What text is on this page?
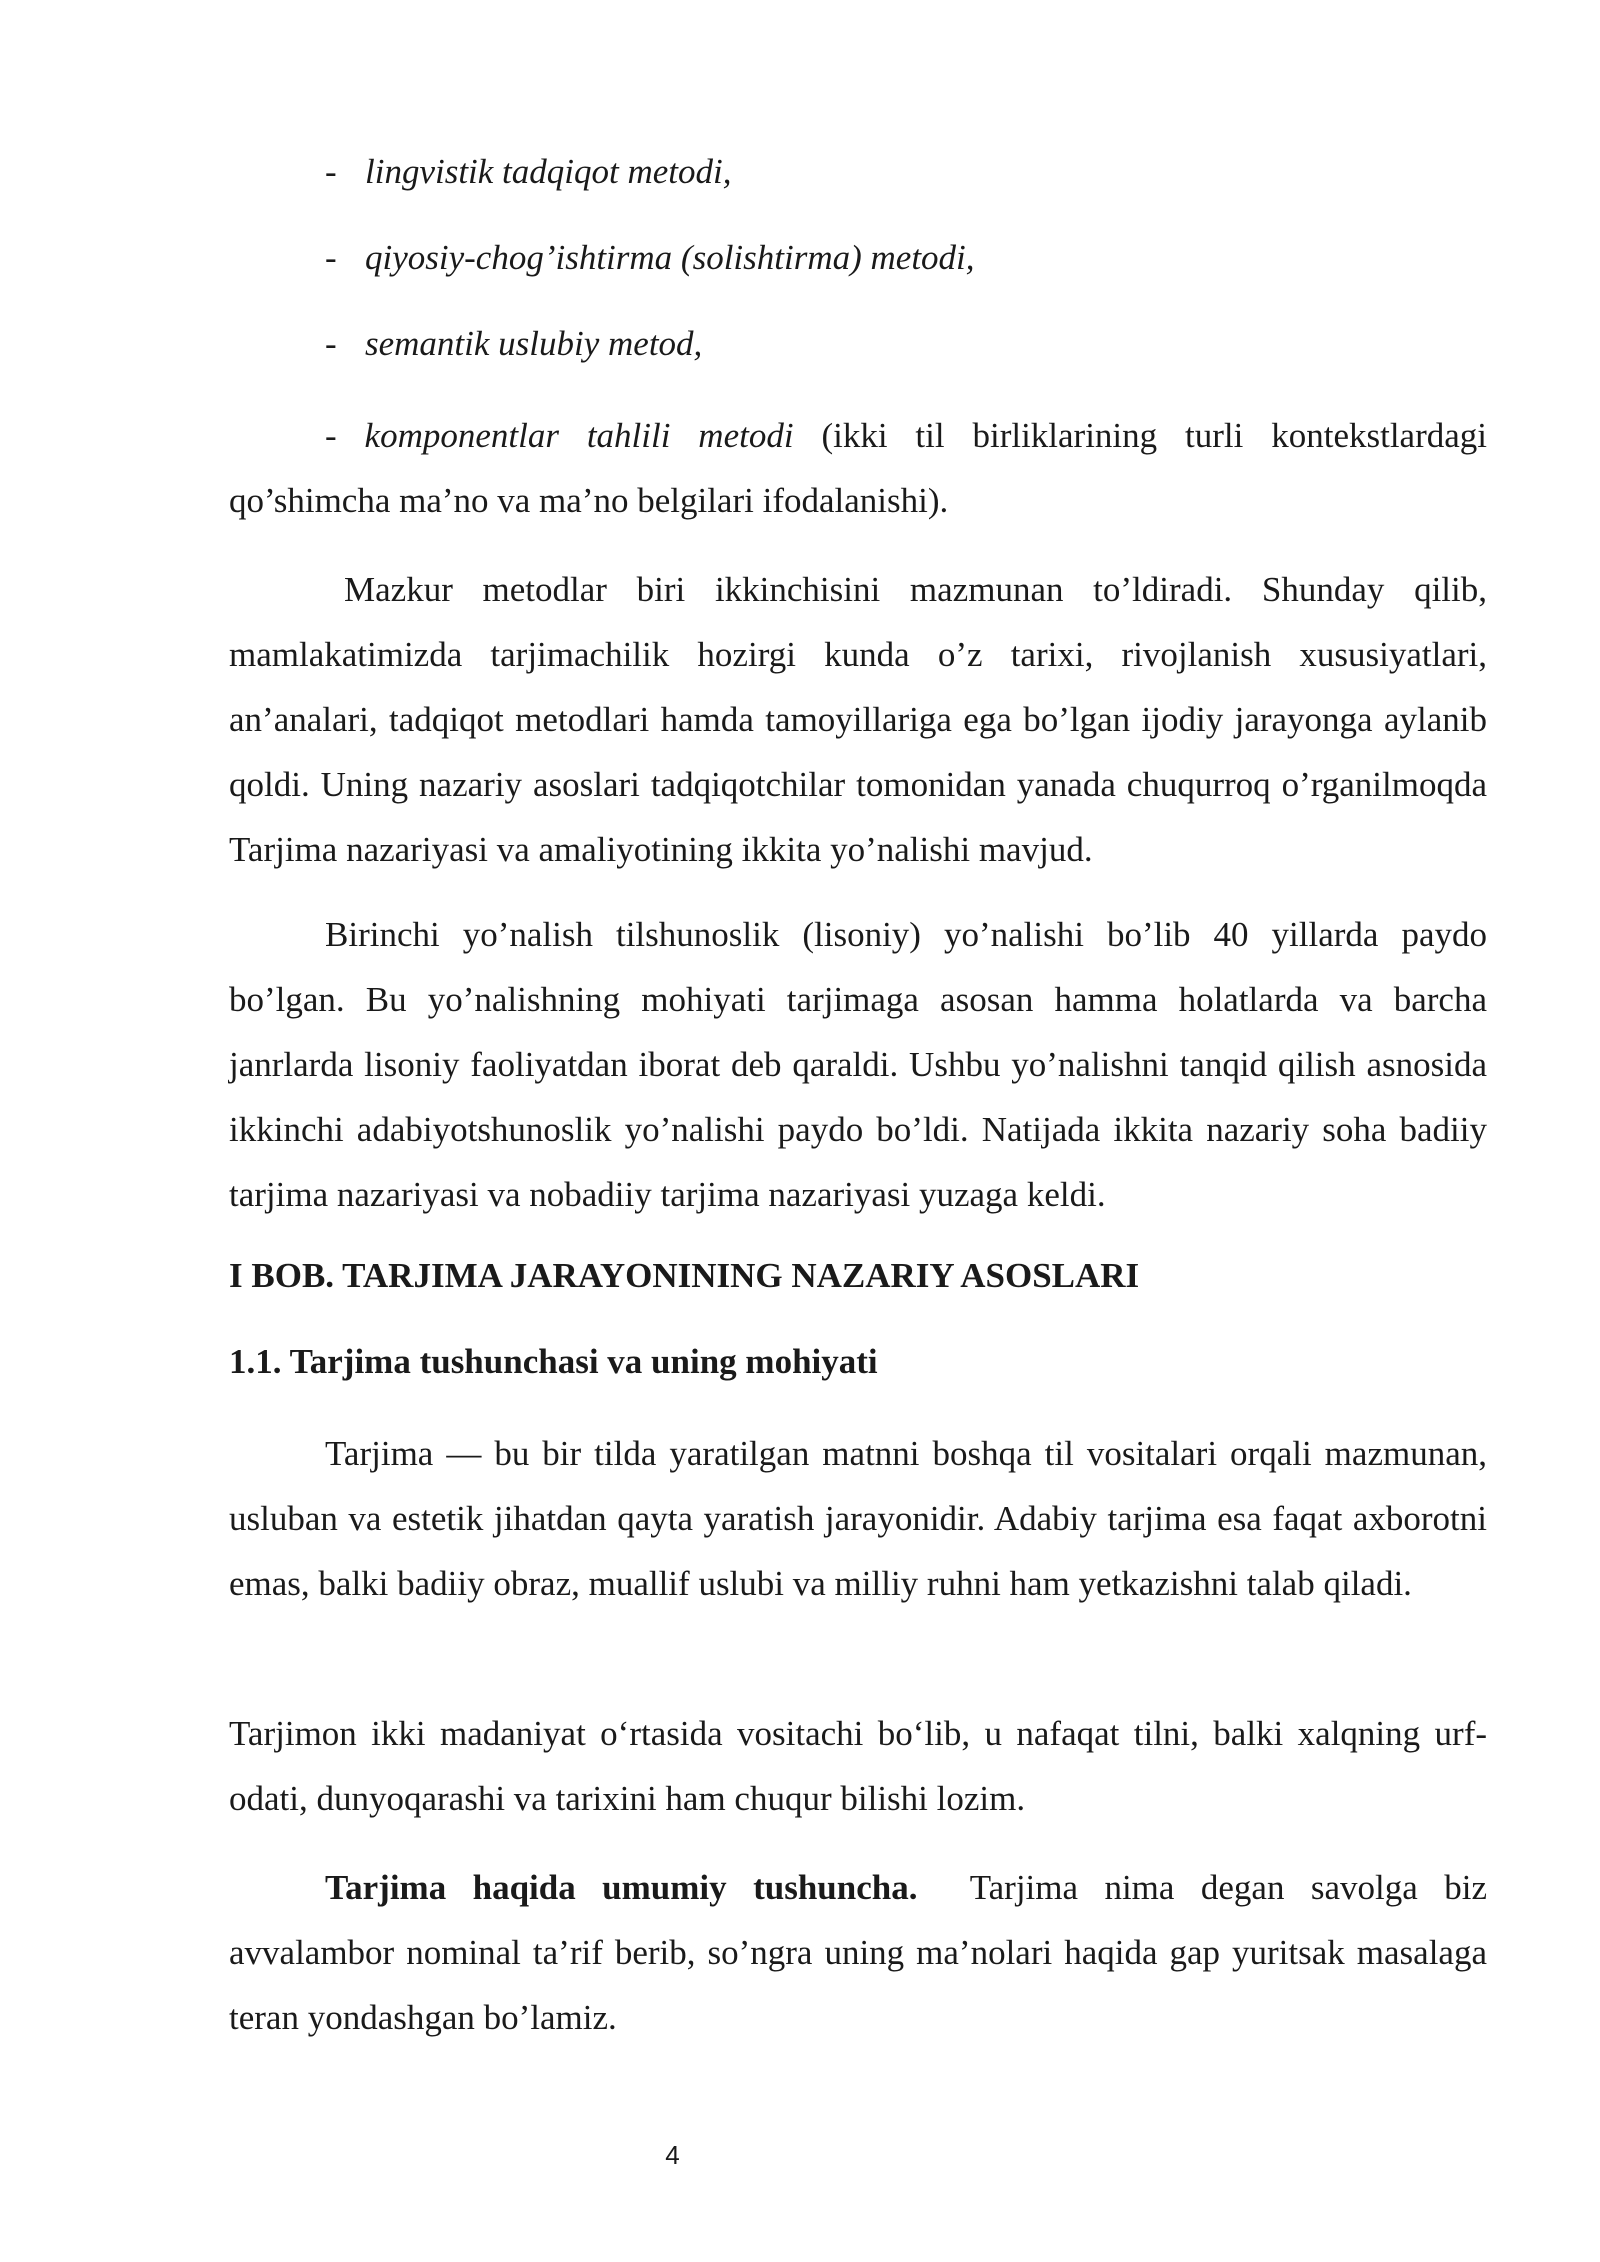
- lingvistik tadqiqot metodi,
- qiyosiy-chog’ishtirma (solishtirma) metodi,
- semantik uslubiy metod,
- komponentlar tahlili metodi (ikki til birliklarining turli kontekstlardagi qo’shimcha ma’no va ma’no belgilari ifodalanishi).
Mazkur metodlar biri ikkinchisini mazmunan to’ldiradi. Shunday qilib, mamlakatimizda tarjimachilik hozirgi kunda o’z tarixi, rivojlanish xususiyatlari, an’analari, tadqiqot metodlari hamda tamoyillariga ega bo’lgan ijodiy jarayonga aylanib qoldi. Uning nazariy asoslari tadqiqotchilar tomonidan yanada chuqurroq o’rganilmoqda Tarjima nazariyasi va amaliyotining ikkita yo’nalishi mavjud.
Birinchi yo’nalish tilshunoslik (lisoniy) yo’nalishi bo’lib 40 yillarda paydo bo’lgan. Bu yo’nalishning mohiyati tarjimaga asosan hamma holatlarda va barcha janrlarda lisoniy faoliyatdan iborat deb qaraldi. Ushbu yo’nalishni tanqid qilish asnosida ikkinchi adabiyotshunoslik yo’nalishi paydo bo’ldi. Natijada ikkita nazariy soha badiiy tarjima nazariyasi va nobadiiy tarjima nazariyasi yuzaga keldi.
I BOB. TARJIMA JARAYONINING NAZARIY ASOSLARI
1.1. Tarjima tushunchasi va uning mohiyati
Tarjima — bu bir tilda yaratilgan matnni boshqa til vositalari orqali mazmunan, usluban va estetik jihatdan qayta yaratish jarayonidir. Adabiy tarjima esa faqat axborotni emas, balki badiiy obraz, muallif uslubi va milliy ruhni ham yetkazishni talab qiladi.
Tarjimon ikki madaniyat o‘rtasida vositachi bo‘lib, u nafaqat tilni, balki xalqning urf-odati, dunyoqarashi va tarixini ham chuqur bilishi lozim.
Tarjima haqida umumiy tushuncha.  Tarjima nima degan savolga biz avvalambor nominal ta’rif berib, so’ngra uning ma’nolari haqida gap yuritsak masalaga teran yondashgan bo’lamiz.
4
